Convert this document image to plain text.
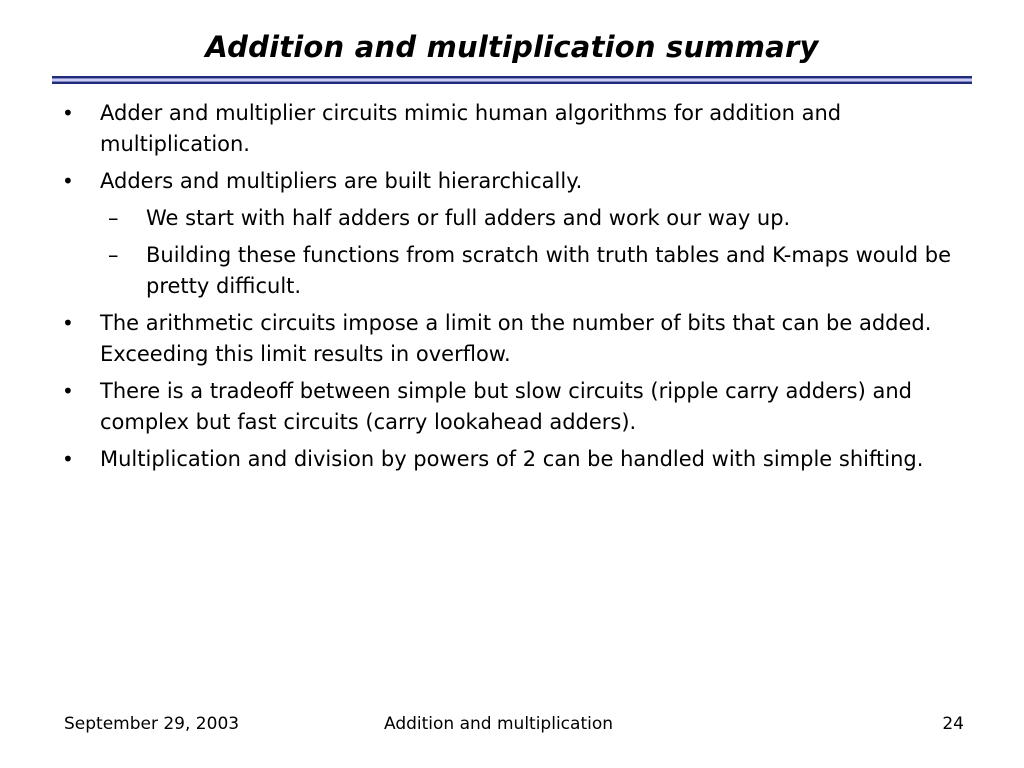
Addition and multiplication summary
• Adder and multiplier circuits mimic human algorithms for addition and multiplication.
• Adders and multipliers are built hierarchically.
– We start with half adders or full adders and work our way up.
– Building these functions from scratch with truth tables and K-maps would be pretty difficult.
• The arithmetic circuits impose a limit on the number of bits that can be added. Exceeding this limit results in overflow.
• There is a tradeoff between simple but slow circuits (ripple carry adders) and complex but fast circuits (carry lookahead adders).
• Multiplication and division by powers of 2 can be handled with simple shifting.
September 29, 2003	Addition and multiplication	24
